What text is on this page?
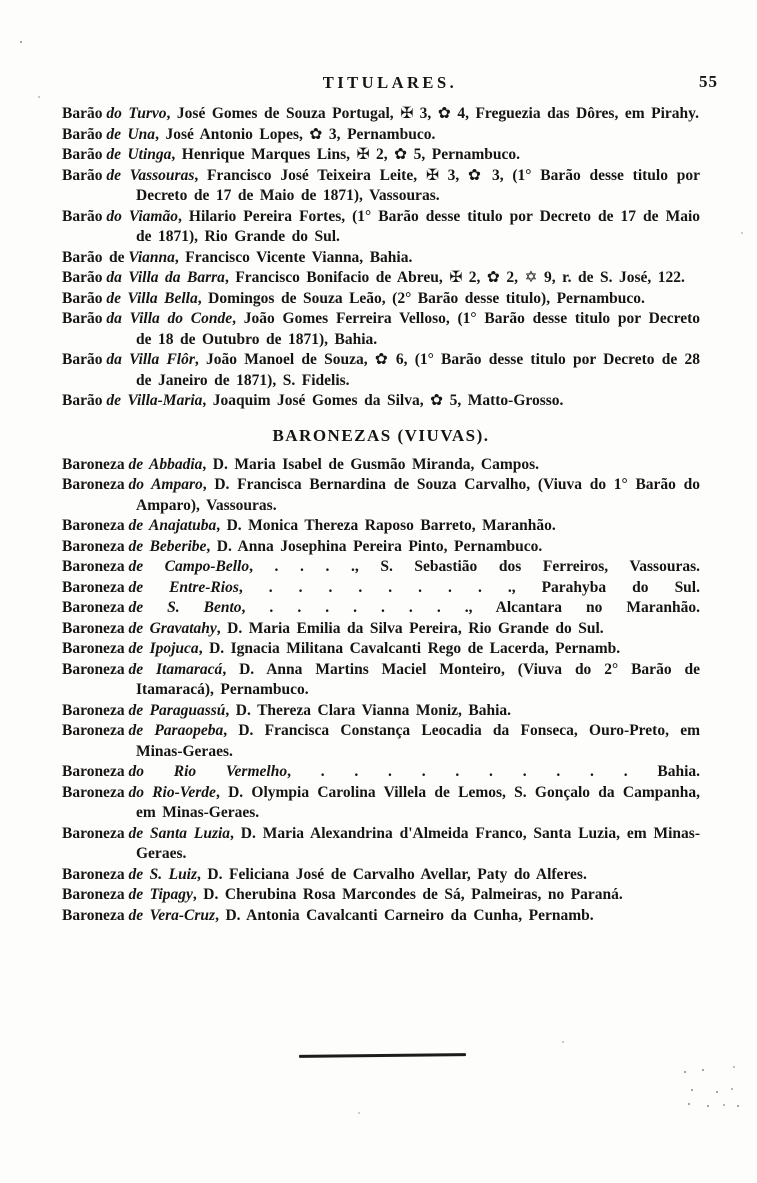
TITULARES.	55

Barão do Turvo, José Gomes de Souza Portugal, ✠ 3, ✿ 4, Freguezia das Dôres, em Pirahy.

Barão de Una, José Antonio Lopes, ✿ 3, Pernambuco.

Barão de Utinga, Henrique Marques Lins, ✠ 2, ✿ 5, Pernambuco.

Barão de Vassouras, Francisco José Teixeira Leite, ✠ 3, ✿ 3, (1° Barão desse titulo por Decreto de 17 de Maio de 1871), Vassouras.

Barão do Viamão, Hilario Pereira Fortes, (1° Barão desse titulo por Decreto de 17 de Maio de 1871), Rio Grande do Sul.

Barão de Vianna, Francisco Vicente Vianna, Bahia.

Barão da Villa da Barra, Francisco Bonifacio de Abreu, ✠ 2, ✿ 2, ✡ 9, r. de S. José, 122.

Barão de Villa Bella, Domingos de Souza Leão, (2° Barão desse titulo), Pernambuco.

Barão da Villa do Conde, João Gomes Ferreira Velloso, (1° Barão desse titulo por Decreto de 18 de Outubro de 1871), Bahia.

Barão da Villa Flôr, João Manoel de Souza, ✿ 6, (1° Barão desse titulo por Decreto de 28 de Janeiro de 1871), S. Fidelis.

Barão de Villa-Maria, Joaquim José Gomes da Silva, ✿ 5, Matto-Grosso.

BARONEZAS (VIUVAS).

Baroneza de Abbadia, D. Maria Isabel de Gusmão Miranda, Campos.

Baroneza do Amparo, D. Francisca Bernardina de Souza Carvalho, (Viuva do 1° Barão do Amparo), Vassouras.

Baroneza de Anajatuba, D. Monica Thereza Raposo Barreto, Maranhão.

Baroneza de Beberibe, D. Anna Josephina Pereira Pinto, Pernambuco.

Baroneza de Campo-Bello, . . . ., S. Sebastião dos Ferreiros, Vassouras.

Baroneza de Entre-Rios, . . . . . . . . ., Parahyba do Sul.

Baroneza de S. Bento, . . . . . . . ., Alcantara no Maranhão.

Baroneza de Gravatahy, D. Maria Emilia da Silva Pereira, Rio Grande do Sul.

Baroneza de Ipojuca, D. Ignacia Militana Cavalcanti Rego de Lacerda, Pernamb.

Baroneza de Itamaracá, D. Anna Martins Maciel Monteiro, (Viuva do 2° Barão de Itamaracá), Pernambuco.

Baroneza de Paraguassú, D. Thereza Clara Vianna Moniz, Bahia.

Baroneza de Paraopeba, D. Francisca Constança Leocadia da Fonseca, Ouro-Preto, em Minas-Geraes.

Baroneza do Rio Vermelho, . . . . . . . . . . Bahia.

Baroneza do Rio-Verde, D. Olympia Carolina Villela de Lemos, S. Gonçalo da Campanha, em Minas-Geraes.

Baroneza de Santa Luzia, D. Maria Alexandrina d'Almeida Franco, Santa Luzia, em Minas-Geraes.

Baroneza de S. Luiz, D. Feliciana José de Carvalho Avellar, Paty do Alferes.

Baroneza de Tipagy, D. Cherubina Rosa Marcondes de Sá, Palmeiras, no Paraná.

Baroneza de Vera-Cruz, D. Antonia Cavalcanti Carneiro da Cunha, Pernamb.
